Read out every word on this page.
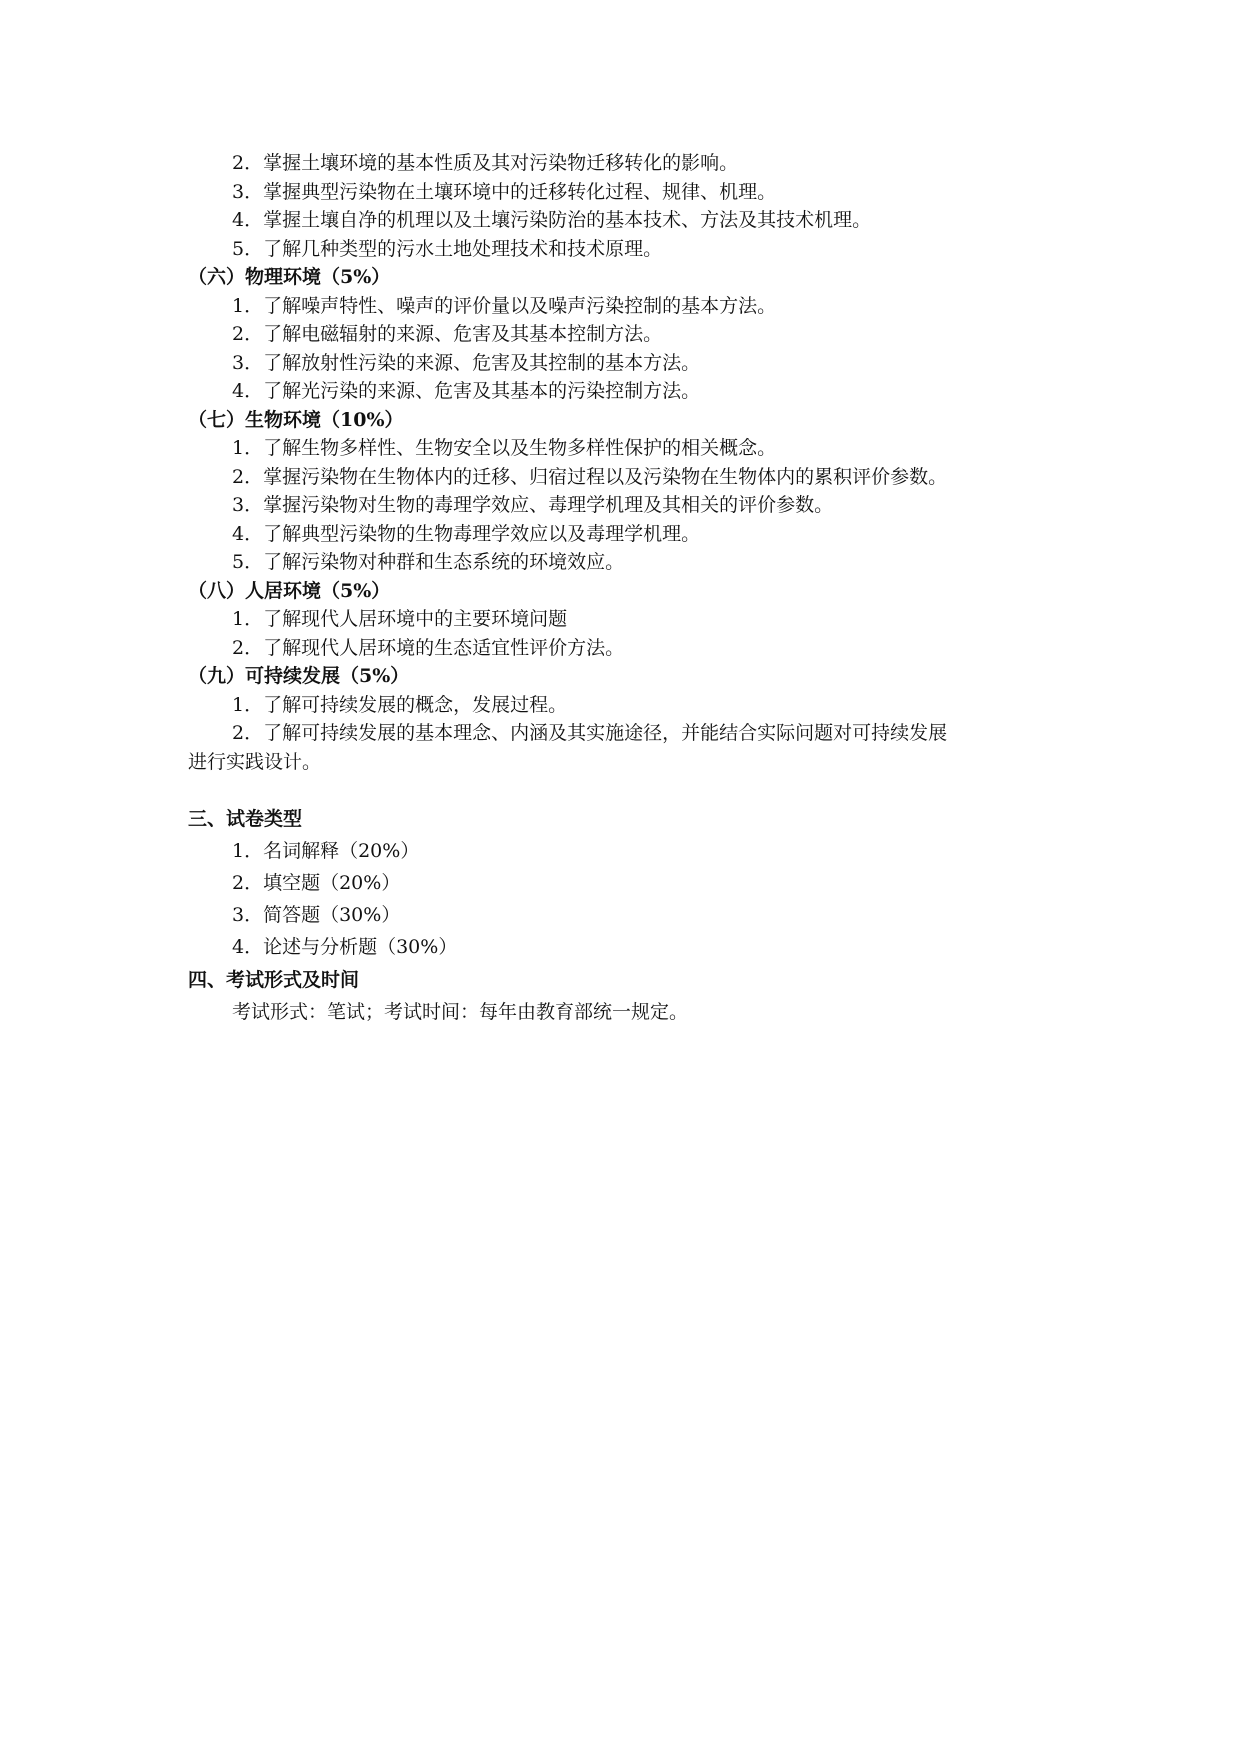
2．掌握土壤环境的基本性质及其对污染物迁移转化的影响。
3．掌握典型污染物在土壤环境中的迁移转化过程、规律、机理。
4．掌握土壤自净的机理以及土壤污染防治的基本技术、方法及其技术机理。
5．了解几种类型的污水土地处理技术和技术原理。
（六）物理环境（5%）
1．了解噪声特性、噪声的评价量以及噪声污染控制的基本方法。
2．了解电磁辐射的来源、危害及其基本控制方法。
3．了解放射性污染的来源、危害及其控制的基本方法。
4．了解光污染的来源、危害及其基本的污染控制方法。
（七）生物环境（10%）
1．了解生物多样性、生物安全以及生物多样性保护的相关概念。
2．掌握污染物在生物体内的迁移、归宿过程以及污染物在生物体内的累积评价参数。
3．掌握污染物对生物的毒理学效应、毒理学机理及其相关的评价参数。
4．了解典型污染物的生物毒理学效应以及毒理学机理。
5．了解污染物对种群和生态系统的环境效应。
（八）人居环境（5%）
1．了解现代人居环境中的主要环境问题
2．了解现代人居环境的生态适宜性评价方法。
（九）可持续发展（5%）
1．了解可持续发展的概念，发展过程。
2．了解可持续发展的基本理念、内涵及其实施途径，并能结合实际问题对可持续发展
进行实践设计。
三、试卷类型
1．名词解释（20%）
2．填空题（20%）
3．简答题（30%）
4．论述与分析题（30%）
四、考试形式及时间
考试形式：笔试；考试时间：每年由教育部统一规定。
